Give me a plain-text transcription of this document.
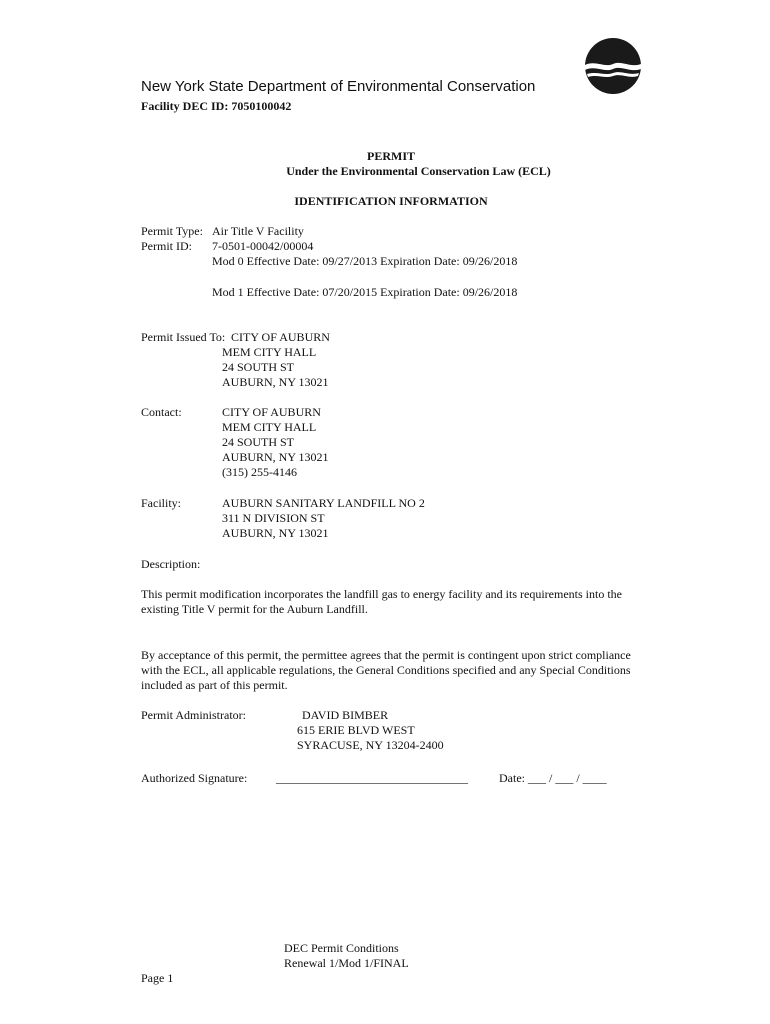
New York State Department of Environmental Conservation
Facility DEC ID: 7050100042
PERMIT
Under the Environmental Conservation Law (ECL)
IDENTIFICATION INFORMATION
Permit Type: Air Title V Facility
Permit ID: 7-0501-00042/00004
Mod 0 Effective Date: 09/27/2013 Expiration Date: 09/26/2018
Mod 1 Effective Date: 07/20/2015 Expiration Date: 09/26/2018
Permit Issued To: CITY OF AUBURN
MEM CITY HALL
24 SOUTH ST
AUBURN, NY 13021
Contact:	CITY OF AUBURN
MEM CITY HALL
24 SOUTH ST
AUBURN, NY 13021
(315) 255-4146
Facility:	AUBURN SANITARY LANDFILL NO 2
311 N DIVISION ST
AUBURN, NY 13021
Description:
This permit modification incorporates the landfill gas to energy facility and its requirements into the existing Title V permit for the Auburn Landfill.
By acceptance of this permit, the permittee agrees that the permit is contingent upon strict compliance with the ECL, all applicable regulations, the General Conditions specified and any Special Conditions included as part of this permit.
Permit Administrator:	DAVID BIMBER
615 ERIE BLVD WEST
SYRACUSE, NY 13204-2400
Authorized Signature: ________________________________	Date: ___ / ___ / ____
DEC Permit Conditions
Renewal 1/Mod 1/FINAL
Page 1
